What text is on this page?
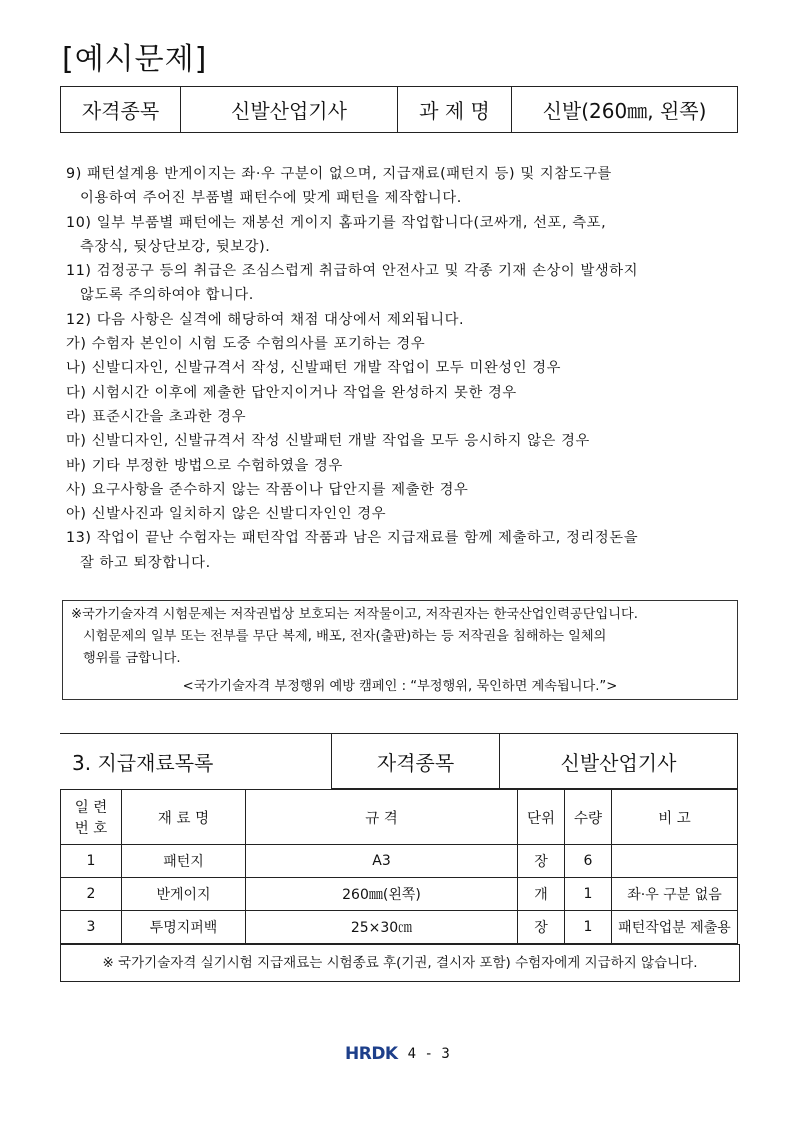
[예시문제]
자격종목	신발산업기사	과 제 명	신발(260㎜, 왼쪽)
9) 패턴설계용 반게이지는 좌·우 구분이 없으며, 지급재료(패턴지 등) 및 지참도구를
이용하여 주어진 부품별 패턴수에 맞게 패턴을 제작합니다.
10) 일부 부품별 패턴에는 재봉선 게이지 홈파기를 작업합니다(코싸개, 선포, 측포,
측장식, 뒷상단보강, 뒷보강).
11) 검정공구 등의 취급은 조심스럽게 취급하여 안전사고 및 각종 기재 손상이 발생하지
않도록 주의하여야 합니다.
12) 다음 사항은 실격에 해당하여 채점 대상에서 제외됩니다.
가) 수험자 본인이 시험 도중 수험의사를 포기하는 경우
나) 신발디자인, 신발규격서 작성, 신발패턴 개발 작업이 모두 미완성인 경우
다) 시험시간 이후에 제출한 답안지이거나 작업을 완성하지 못한 경우
라) 표준시간을 초과한 경우
마) 신발디자인, 신발규격서 작성 신발패턴 개발 작업을 모두 응시하지 않은 경우
바) 기타 부정한 방법으로 수험하였을 경우
사) 요구사항을 준수하지 않는 작품이나 답안지를 제출한 경우
아) 신발사진과 일치하지 않은 신발디자인인 경우
13) 작업이 끝난 수험자는 패턴작업 작품과 남은 지급재료를 함께 제출하고, 정리정돈을
잘 하고 퇴장합니다.
※국가기술자격 시험문제는 저작권법상 보호되는 저작물이고, 저작권자는 한국산업인력공단입니다.
시험문제의 일부 또는 전부를 무단 복제, 배포, 전자(출판)하는 등 저작권을 침해하는 일체의
행위를 금합니다.
<국가기술자격 부정행위 예방 캠페인 : “부정행위, 묵인하면 계속됩니다.”>
3. 지급재료목록	자격종목	신발산업기사
일 련
번 호	재 료 명	규 격	단위	수량	비 고
1	패턴지	A3	장	6	
2	반게이지	260㎜(왼쪽)	개	1	좌·우 구분 없음
3	투명지퍼백	25×30㎝	장	1	패턴작업분 제출용
※ 국가기술자격 실기시험 지급재료는 시험종료 후(기권, 결시자 포함) 수험자에게 지급하지 않습니다.
HRDK 4 - 3
